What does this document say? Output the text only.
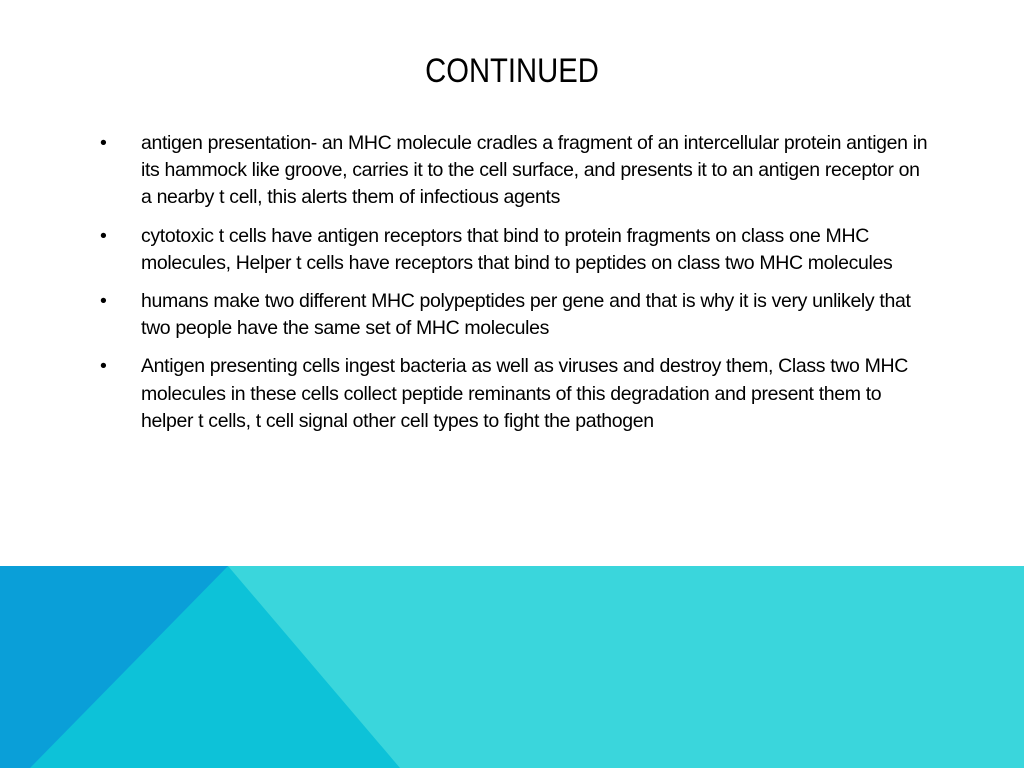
CONTINUED
•	antigen presentation- an MHC molecule cradles a fragment of an intercellular protein antigen in its hammock like groove, carries it to the cell surface, and presents it to an antigen receptor on a nearby t cell, this alerts them of infectious agents
•	cytotoxic t cells have antigen receptors that bind to protein fragments on class one MHC molecules, Helper t cells have receptors that bind to peptides on class two MHC molecules
•	humans make two different MHC polypeptides per gene and that is why it is very unlikely that two people have the same set of MHC molecules
•	Antigen presenting cells ingest bacteria as well as viruses and destroy them, Class two MHC molecules in these cells collect peptide reminants of this degradation and present them to helper t cells, t cell signal other cell types to fight the pathogen
